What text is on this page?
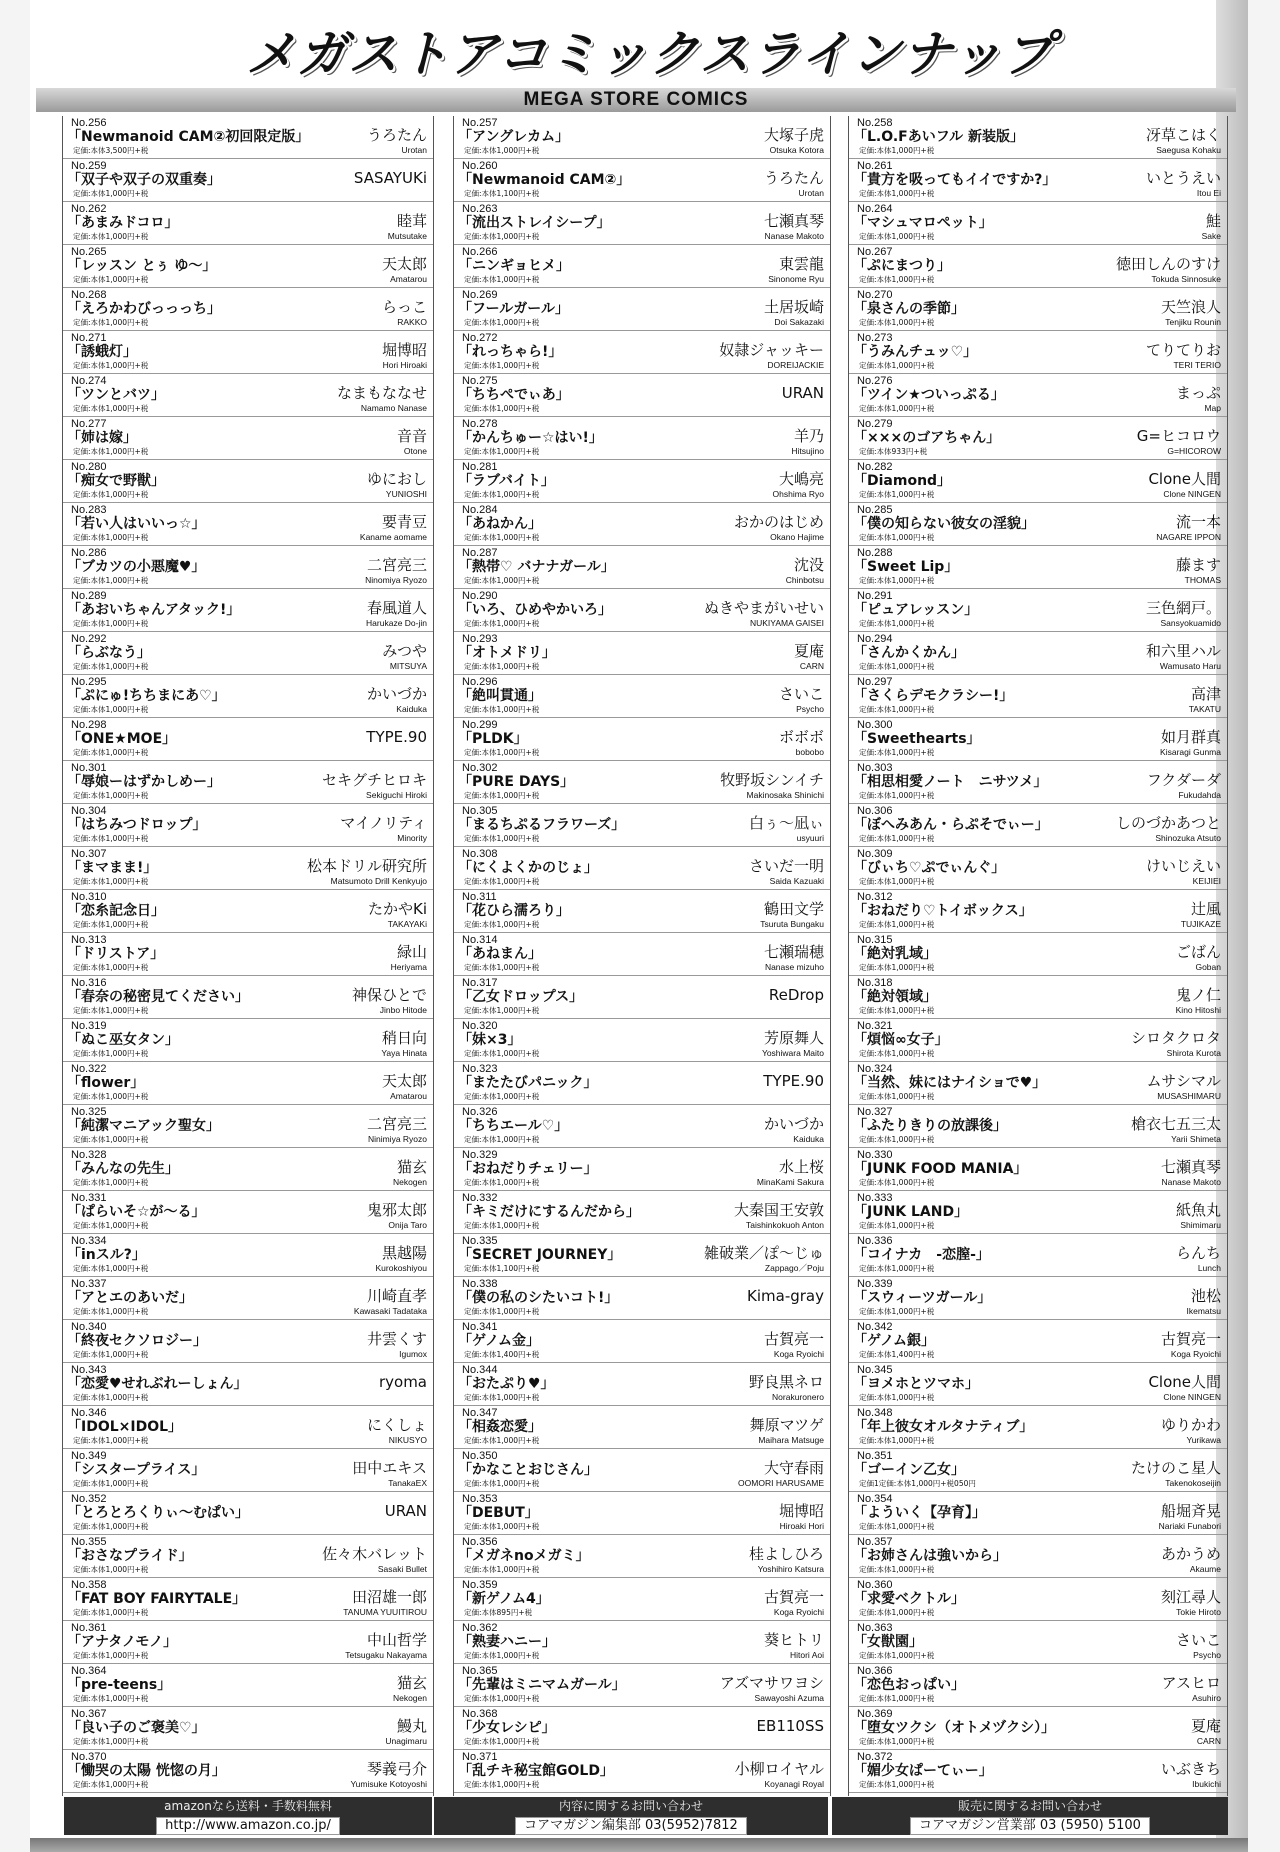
メガストアコミックスラインナップ
MEGA STORE COMICS
No.256
「Newmanoid CAM②初回限定版」
定価:本体3,500円+税
うろたん
Urotan
No.259
「双子や双子の双重奏」
定価:本体1,000円+税
SASAYUKi
No.262
「あまみドコロ」
定価:本体1,000円+税
睦茸
Mutsutake
No.265
「レッスン とぅ ゆ～」
定価:本体1,000円+税
天太郎
Amatarou
No.268
「えろかわびっっっち」
定価:本体1,000円+税
らっこ
RAKKO
No.271
「誘蛾灯」
定価:本体1,000円+税
堀博昭
Hori Hiroaki
No.274
「ツンとバツ」
定価:本体1,000円+税
なまもななせ
Namamo Nanase
No.277
「姉は嫁」
定価:本体1,000円+税
音音
Otone
No.280
「痴女で野獣」
定価:本体1,000円+税
ゆにおし
YUNIOSHI
No.283
「若い人はいいっ☆」
定価:本体1,000円+税
要青豆
Kaname aomame
No.286
「ブカツの小悪魔♥」
定価:本体1,000円+税
二宮亮三
Ninomiya Ryozo
No.289
「あおいちゃんアタック!」
定価:本体1,000円+税
春風道人
Harukaze Do-jin
No.292
「らぶなう」
定価:本体1,000円+税
みつや
MITSUYA
No.295
「ぷにゅ!ちちまにあ♡」
定価:本体1,000円+税
かいづか
Kaiduka
No.298
「ONE★MOE」
定価:本体1,000円+税
TYPE.90
No.301
「辱娘ーはずかしめー」
定価:本体1,000円+税
セキグチヒロキ
Sekiguchi Hiroki
No.304
「はちみつドロップ」
定価:本体1,000円+税
マイノリティ
Minority
No.307
「まマまま!」
定価:本体1,000円+税
松本ドリル研究所
Matsumoto Drill Kenkyujo
No.310
「恋糸記念日」
定価:本体1,000円+税
たかやKi
TAKAYAKi
No.313
「ドリストア」
定価:本体1,000円+税
緑山
Heriyama
No.316
「春奈の秘密見てください」
定価:本体1,000円+税
神保ひとで
Jinbo Hitode
No.319
「ぬこ巫女タン」
定価:本体1,000円+税
稍日向
Yaya Hinata
No.322
「flower」
定価:本体1,000円+税
天太郎
Amatarou
No.325
「純潔マニアック聖女」
定価:本体1,000円+税
二宮亮三
Ninimiya Ryozo
No.328
「みんなの先生」
定価:本体1,000円+税
猫玄
Nekogen
No.331
「ぱらいそ☆が～る」
定価:本体1,000円+税
鬼邪太郎
Onija Taro
No.334
「inスル?」
定価:本体1,000円+税
黒越陽
Kurokoshiyou
No.337
「アとエのあいだ」
定価:本体1,000円+税
川崎直孝
Kawasaki Tadataka
No.340
「終夜セクソロジー」
定価:本体1,000円+税
井雲くす
Igumox
No.343
「恋愛♥せれぶれーしょん」
定価:本体1,000円+税
ryoma
No.346
「IDOL×IDOL」
定価:本体1,000円+税
にくしょ
NIKUSYO
No.349
「シスタープライス」
定価:本体1,000円+税
田中エキス
TanakaEX
No.352
「とろとろくりぃ～むぱい」
定価:本体1,000円+税
URAN
No.355
「おさなプライド」
定価:本体1,000円+税
佐々木バレット
Sasaki Bullet
No.358
「FAT BOY FAIRYTALE」
定価:本体1,000円+税
田沼雄一郎
TANUMA YUUITIROU
No.361
「アナタノモノ」
定価:本体1,000円+税
中山哲学
Tetsugaku Nakayama
No.364
「pre-teens」
定価:本体1,000円+税
猫玄
Nekogen
No.367
「良い子のご褒美♡」
定価:本体1,000円+税
鰻丸
Unagimaru
No.370
「慟哭の太陽 恍惚の月」
定価:本体1,000円+税
琴義弓介
Yumisuke Kotoyoshi
No.257
「アングレカム」
定価:本体1,000円+税
大塚子虎
Otsuka Kotora
No.260
「Newmanoid CAM②」
定価:本体1,100円+税
うろたん
Urotan
No.263
「流出ストレイシープ」
定価:本体1,000円+税
七瀬真琴
Nanase Makoto
No.266
「ニンギョヒメ」
定価:本体1,000円+税
東雲龍
Sinonome Ryu
No.269
「フールガール」
定価:本体1,000円+税
土居坂崎
Doi Sakazaki
No.272
「れっちゃら!」
定価:本体1,000円+税
奴隷ジャッキー
DOREIJACKIE
No.275
「ちちぺでぃあ」
定価:本体1,000円+税
URAN
No.278
「かんちゅー☆はい!」
定価:本体1,000円+税
羊乃
Hitsujino
No.281
「ラブバイト」
定価:本体1,000円+税
大嶋亮
Ohshima Ryo
No.284
「あねかん」
定価:本体1,000円+税
おかのはじめ
Okano Hajime
No.287
「熱帯♡ バナナガール」
定価:本体1,000円+税
沈没
Chinbotsu
No.290
「いろ、ひめやかいろ」
定価:本体1,000円+税
ぬきやまがいせい
NUKIYAMA GAISEI
No.293
「オトメドリ」
定価:本体1,000円+税
夏庵
CARN
No.296
「絶叫貫通」
定価:本体1,000円+税
さいこ
Psycho
No.299
「PLDK」
定価:本体1,000円+税
ボボボ
bobobo
No.302
「PURE DAYS」
定価:本体1,000円+税
牧野坂シンイチ
Makinosaka Shinichi
No.305
「まるちぷるフラワーズ」
定価:本体1,000円+税
白ぅ～凪ぃ
usyuuri
No.308
「にくよくかのじょ」
定価:本体1,000円+税
さいだ一明
Saida Kazuaki
No.311
「花ひら濡ろり」
定価:本体1,000円+税
鶴田文学
Tsuruta Bungaku
No.314
「あねまん」
定価:本体1,000円+税
七瀬瑞穂
Nanase mizuho
No.317
「乙女ドロップス」
定価:本体1,000円+税
ReDrop
No.320
「妹×3」
定価:本体1,000円+税
芳原舞人
Yoshiwara Maito
No.323
「またたびパニック」
定価:本体1,000円+税
TYPE.90
No.326
「ちちエール♡」
定価:本体1,000円+税
かいづか
Kaiduka
No.329
「おねだりチェリー」
定価:本体1,000円+税
水上桜
MinaKami Sakura
No.332
「キミだけにするんだから」
定価:本体1,000円+税
大秦国王安敦
Taishinkokuoh Anton
No.335
「SECRET JOURNEY」
定価:本体1,100円+税
雑破業／ぽ～じゅ
Zappago／Poju
No.338
「僕の私のシたいコト!」
定価:本体1,000円+税
Kima-gray
No.341
「ゲノム金」
定価:本体1,400円+税
古賀亮一
Koga Ryoichi
No.344
「おたぷり♥」
定価:本体1,000円+税
野良黒ネロ
Norakuronero
No.347
「相姦恋愛」
定価:本体1,000円+税
舞原マツゲ
Maihara Matsuge
No.350
「かなことおじさん」
定価:本体1,000円+税
大守春雨
OOMORI HARUSAME
No.353
「DEBUT」
定価:本体1,000円+税
堀博昭
Hiroaki Hori
No.356
「メガネnoメガミ」
定価:本体1,000円+税
桂よしひろ
Yoshihiro Katsura
No.359
「新ゲノム4」
定価:本体895円+税
古賀亮一
Koga Ryoichi
No.362
「熟妻ハニー」
定価:本体1,000円+税
葵ヒトリ
Hitori Aoi
No.365
「先輩はミニマムガール」
定価:本体1,000円+税
アズマサワヨシ
Sawayoshi Azuma
No.368
「少女レシピ」
定価:本体1,000円+税
EB110SS
No.371
「乱チキ秘宝館GOLD」
定価:本体1,000円+税
小柳ロイヤル
Koyanagi Royal
No.258
「L.O.Fあいフル 新装版」
定価:本体1,000円+税
冴草こはく
Saegusa Kohaku
No.261
「貴方を吸ってもイイですか?」
定価:本体1,000円+税
いとうえい
Itou Ei
No.264
「マシュマロペット」
定価:本体1,000円+税
鮭
Sake
No.267
「ぷにまつり」
定価:本体1,000円+税
徳田しんのすけ
Tokuda Sinnosuke
No.270
「泉さんの季節」
定価:本体1,000円+税
天竺浪人
Tenjiku Rounin
No.273
「うみんチュッ♡」
定価:本体1,000円+税
てりてりお
TERI TERIO
No.276
「ツイン★ついっぷる」
定価:本体1,000円+税
まっぷ
Map
No.279
「×××のゴアちゃん」
定価:本体933円+税
G=ヒコロウ
G=HICOROW
No.282
「Diamond」
定価:本体1,000円+税
Clone人間
Clone NINGEN
No.285
「僕の知らない彼女の淫貌」
定価:本体1,000円+税
流一本
NAGARE IPPON
No.288
「Sweet Lip」
定価:本体1,000円+税
藤ます
THOMAS
No.291
「ピュアレッスン」
定価:本体1,000円+税
三色網戸。
Sansyokuamido
No.294
「さんかくかん」
定価:本体1,000円+税
和六里ハル
Wamusato Haru
No.297
「さくらデモクラシー!」
定価:本体1,000円+税
高津
TAKATU
No.300
「Sweethearts」
定価:本体1,000円+税
如月群真
Kisaragi Gunma
No.303
「相思相愛ノート　ニサツメ」
定価:本体1,000円+税
フクダーダ
Fukudahda
No.306
「ぼへみあん・らぷそでぃー」
定価:本体1,000円+税
しのづかあつと
Shinozuka Atsuto
No.309
「びぃち♡ぷでぃんぐ」
定価:本体1,000円+税
けいじえい
KEIJIEI
No.312
「おねだり♡トイボックス」
定価:本体1,000円+税
辻風
TUJIKAZE
No.315
「絶対乳域」
定価:本体1,000円+税
ごばん
Goban
No.318
「絶対領域」
定価:本体1,000円+税
鬼ノ仁
Kino Hitoshi
No.321
「煩悩∞女子」
定価:本体1,000円+税
シロタクロタ
Shirota Kurota
No.324
「当然、妹にはナイショで♥」
定価:本体1,000円+税
ムサシマル
MUSASHIMARU
No.327
「ふたりきりの放課後」
定価:本体1,000円+税
槍衣七五三太
Yarii Shimeta
No.330
「JUNK FOOD MANIA」
定価:本体1,000円+税
七瀬真琴
Nanase Makoto
No.333
「JUNK LAND」
定価:本体1,000円+税
紙魚丸
Shimimaru
No.336
「コイナカ　-恋膣-」
定価:本体1,000円+税
らんち
Lunch
No.339
「スウィーツガール」
定価:本体1,000円+税
池松
Ikematsu
No.342
「ゲノム銀」
定価:本体1,400円+税
古賀亮一
Koga Ryoichi
No.345
「ヨメホとツマホ」
定価:本体1,000円+税
Clone人間
Clone NINGEN
No.348
「年上彼女オルタナティブ」
定価:本体1,000円+税
ゆりかわ
Yurikawa
No.351
「ゴーイン乙女」
定価1定価:本体1,000円+税050円
たけのこ星人
Takenokoseijin
No.354
「よういく【孕育】」
定価:本体1,000円+税
船堀斉晃
Nariaki Funabori
No.357
「お姉さんは強いから」
定価:本体1,000円+税
あかうめ
Akaume
No.360
「求愛ベクトル」
定価:本体1,000円+税
刻江尋人
Tokie Hiroto
No.363
「女獣園」
定価:本体1,000円+税
さいこ
Psycho
No.366
「恋色おっぱい」
定価:本体1,000円+税
アスヒロ
Asuhiro
No.369
「堕女ツクシ（オトメヅクシ）」
定価:本体1,000円+税
夏庵
CARN
No.372
「媚少女ぱーてぃー」
定価:本体1,000円+税
いぶきち
Ibukichi
amazonなら送料・手数料無料
http://www.amazon.co.jp/
内容に関するお問い合わせ
コアマガジン編集部 03(5952)7812
販売に関するお問い合わせ
コアマガジン営業部 03 (5950) 5100
